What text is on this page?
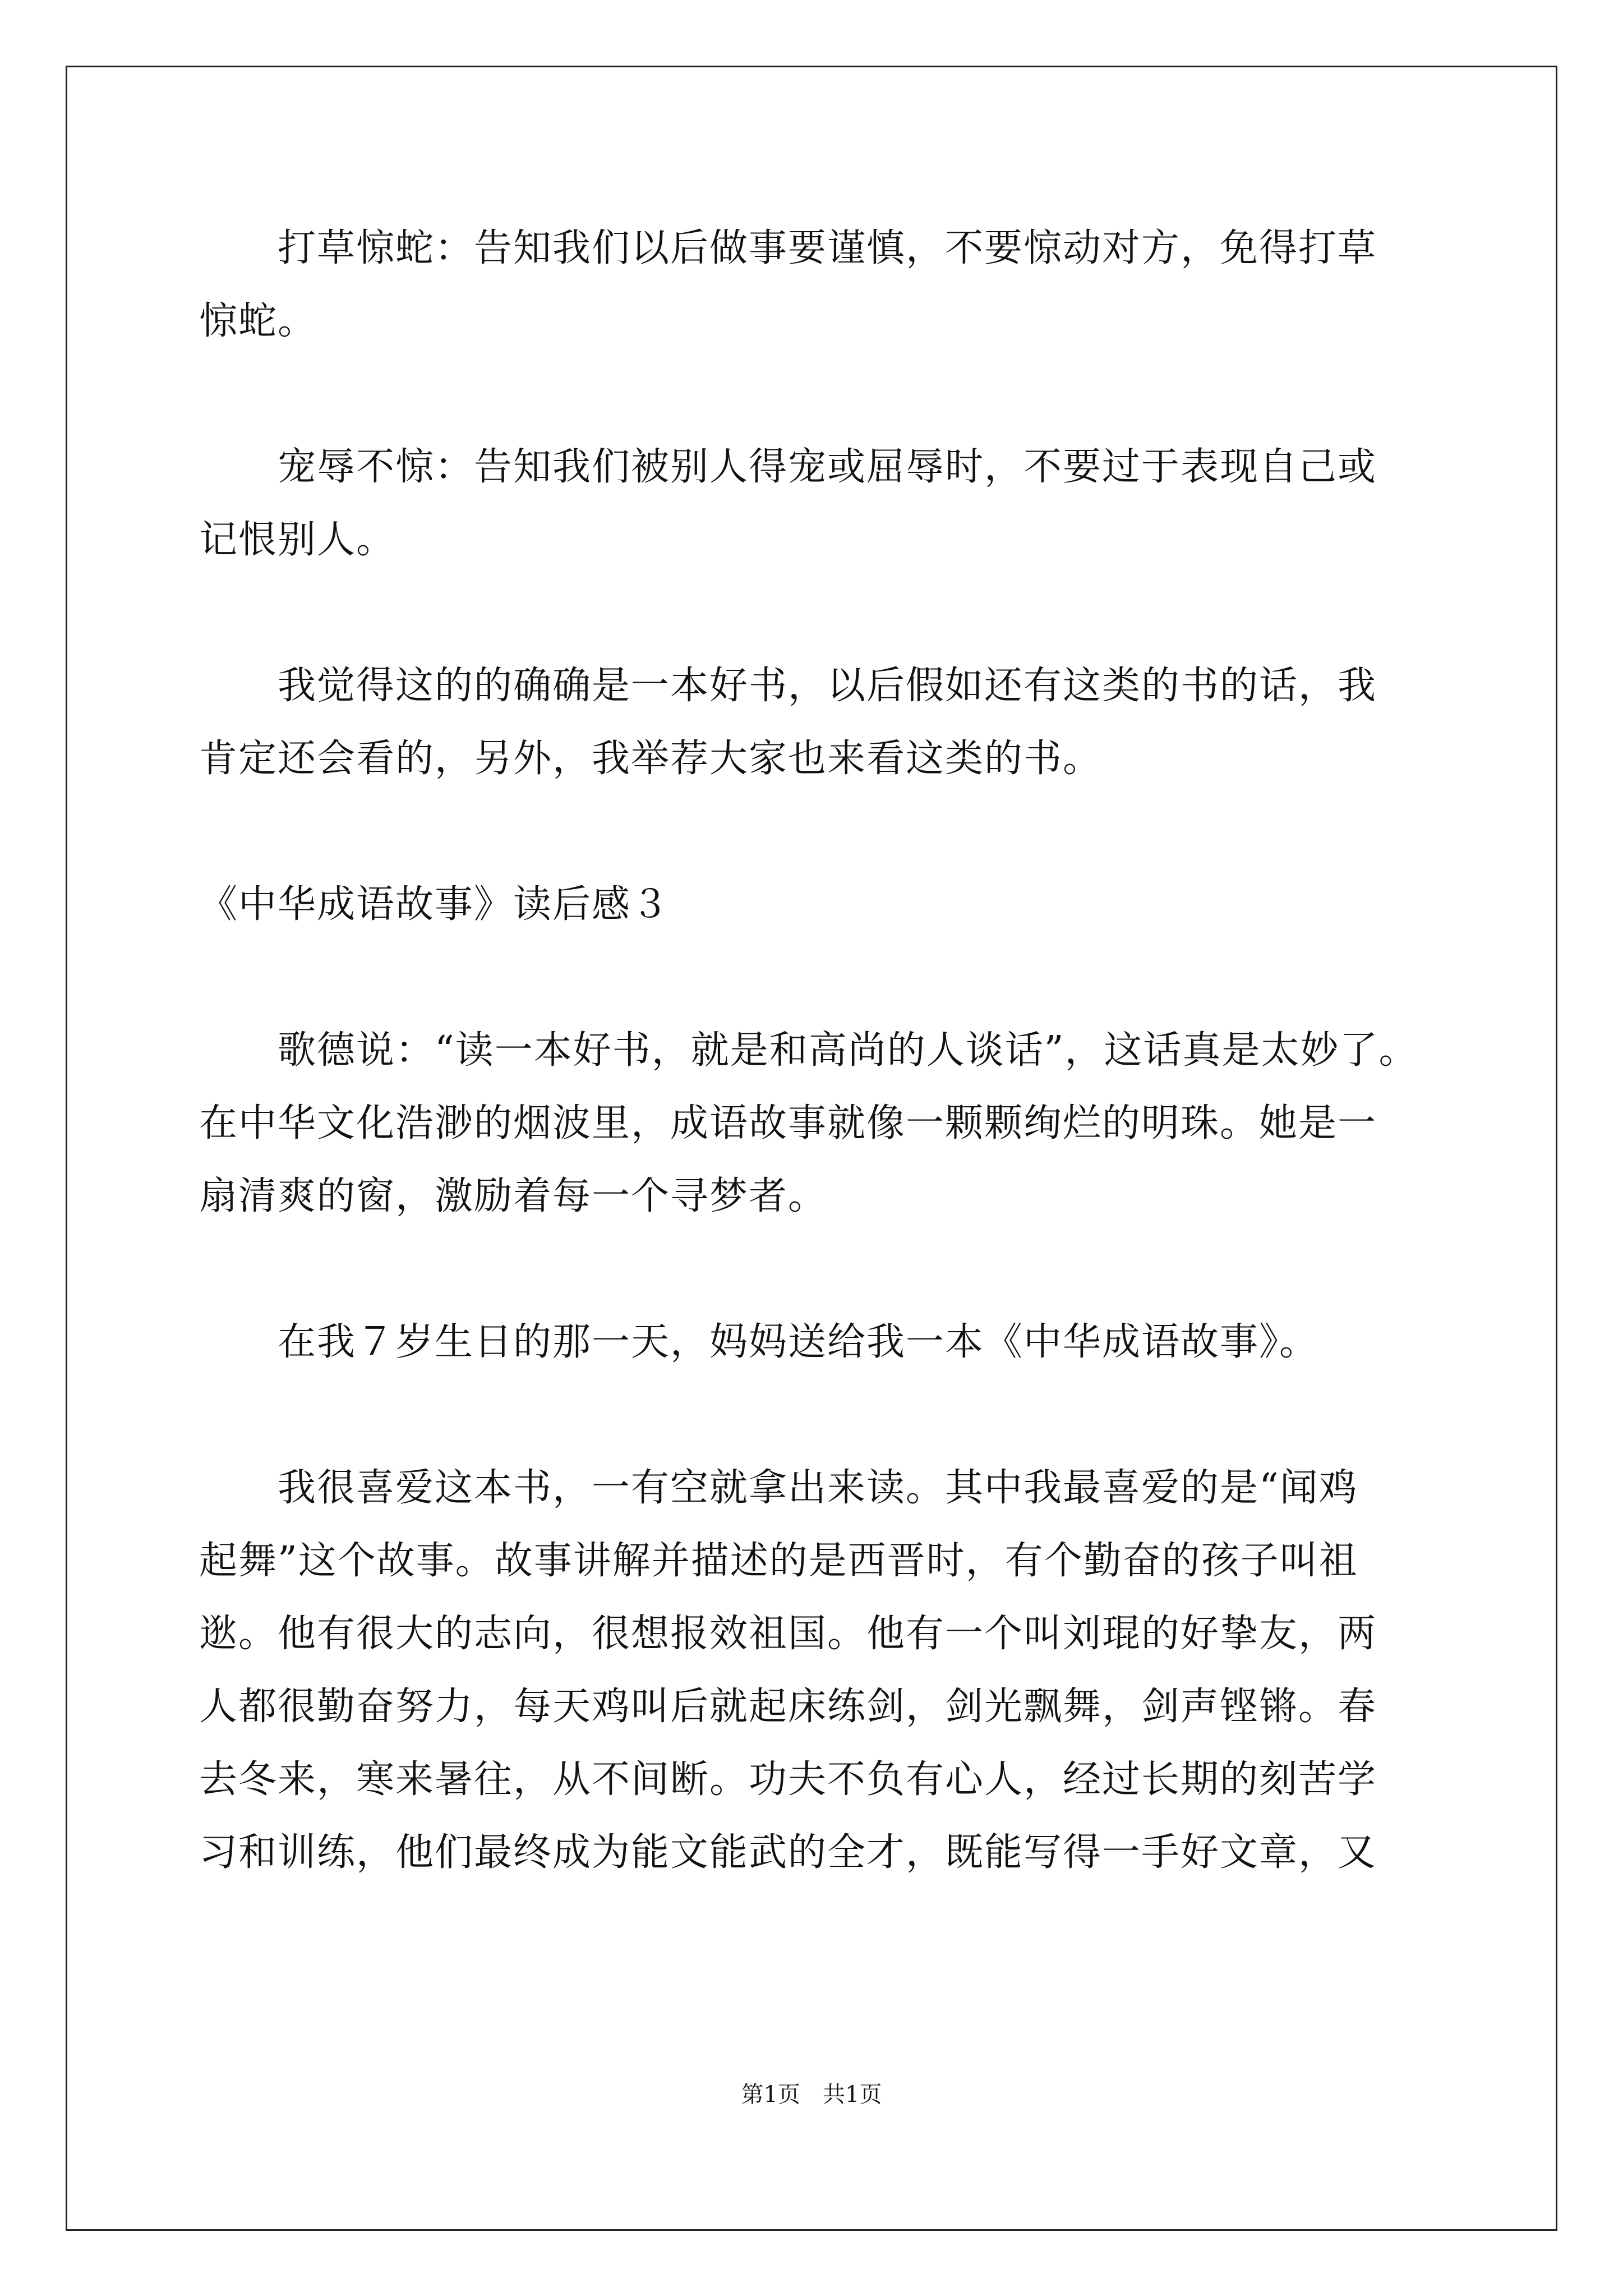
　　打草惊蛇：告知我们以后做事要谨慎，不要惊动对方，免得打草
惊蛇。
　　宠辱不惊：告知我们被别人得宠或屈辱时，不要过于表现自己或
记恨别人。
　　我觉得这的的确确是一本好书，以后假如还有这类的书的话，我
肯定还会看的，另外，我举荐大家也来看这类的书。
《中华成语故事》读后感３
　　歌德说：“读一本好书，就是和高尚的人谈话”，这话真是太妙了。
在中华文化浩渺的烟波里，成语故事就像一颗颗绚烂的明珠。她是一
扇清爽的窗，激励着每一个寻梦者。
　　在我７岁生日的那一天，妈妈送给我一本《中华成语故事》。
　　我很喜爱这本书，一有空就拿出来读。其中我最喜爱的是“闻鸡
起舞”这个故事。故事讲解并描述的是西晋时，有个勤奋的孩子叫祖
逖。他有很大的志向，很想报效祖国。他有一个叫刘琨的好挚友，两
人都很勤奋努力，每天鸡叫后就起床练剑，剑光飘舞，剑声铿锵。春
去冬来，寒来暑往，从不间断。功夫不负有心人，经过长期的刻苦学
习和训练，他们最终成为能文能武的全才，既能写得一手好文章，又
第1页　共1页
